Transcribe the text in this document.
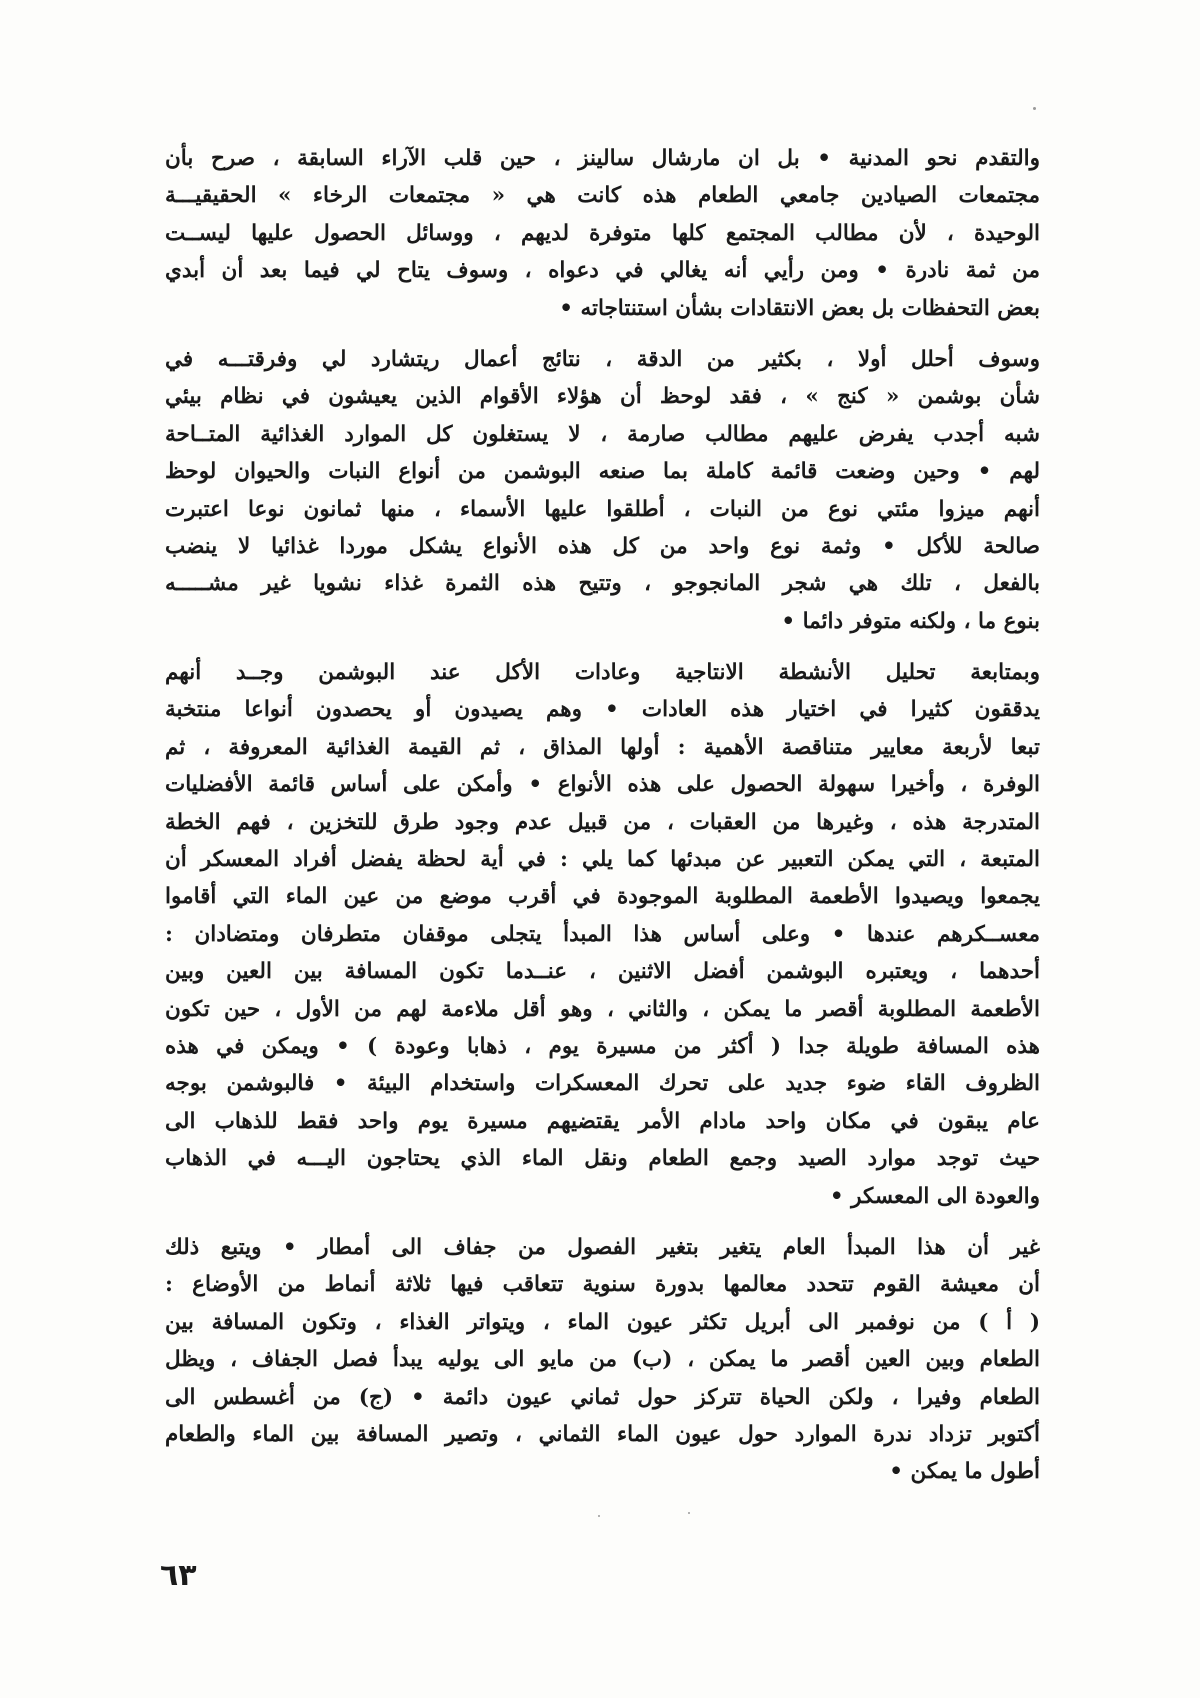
والتقدم نحو المدنية • بل ان مارشال سالينز ، حين قلب الآراء السابقة ، صرح بأن
مجتمعات الصيادين جامعي الطعام هذه كانت هي « مجتمعات الرخاء » الحقيقيـــة
الوحيدة ، لأن مطالب المجتمع كلها متوفرة لديهم ، ووسائل الحصول عليها ليســت
من ثمة نادرة • ومن رأيي أنه يغالي في دعواه ، وسوف يتاح لي فيما بعد أن أبدي
بعض التحفظات بل بعض الانتقادات بشأن استنتاجاته •
وسوف أحلل أولا ، بكثير من الدقة ، نتائج أعمال ريتشارد لي وفرقتـــه في
شأن بوشمن « كنج » ، فقد لوحظ أن هؤلاء الأقوام الذين يعيشون في نظام بيئي
شبه أجدب يفرض عليهم مطالب صارمة ، لا يستغلون كل الموارد الغذائية المتــاحة
لهم • وحين وضعت قائمة كاملة بما صنعه البوشمن من أنواع النبات والحيوان لوحظ
أنهم ميزوا مئتي نوع من النبات ، أطلقوا عليها الأسماء ، منها ثمانون نوعا اعتبرت
صالحة للأكل • وثمة نوع واحد من كل هذه الأنواع يشكل موردا غذائيا لا ينضب
بالفعل ، تلك هي شجر المانجوجو ، وتتيح هذه الثمرة غذاء نشويا غير مشـــــه
بنوع ما ، ولكنه متوفر دائما •
وبمتابعة تحليل الأنشطة الانتاجية وعادات الأكل عند البوشمن وجــد أنهم
يدققون كثيرا في اختيار هذه العادات • وهم يصيدون أو يحصدون أنواعا منتخبة
تبعا لأربعة معايير متناقصة الأهمية : أولها المذاق ، ثم القيمة الغذائية المعروفة ، ثم
الوفرة ، وأخيرا سهولة الحصول على هذه الأنواع • وأمكن على أساس قائمة الأفضليات
المتدرجة هذه ، وغيرها من العقبات ، من قبيل عدم وجود طرق للتخزين ، فهم الخطة
المتبعة ، التي يمكن التعبير عن مبدئها كما يلي : في أية لحظة يفضل أفراد المعسكر أن
يجمعوا ويصيدوا الأطعمة المطلوبة الموجودة في أقرب موضع من عين الماء التي أقاموا
معســكرهم عندها • وعلى أساس هذا المبدأ يتجلى موقفان متطرفان ومتضادان :
أحدهما ، ويعتبره البوشمن أفضل الاثنين ، عنــدما تكون المسافة بين العين وبين
الأطعمة المطلوبة أقصر ما يمكن ، والثاني ، وهو أقل ملاءمة لهم من الأول ، حين تكون
هذه المسافة طويلة جدا ( أكثر من مسيرة يوم ، ذهابا وعودة ) • ويمكن في هذه
الظروف القاء ضوء جديد على تحرك المعسكرات واستخدام البيئة • فالبوشمن بوجه
عام يبقون في مكان واحد مادام الأمر يقتضيهم مسيرة يوم واحد فقط للذهاب الى
حيث توجد موارد الصيد وجمع الطعام ونقل الماء الذي يحتاجون اليـــه في الذهاب
والعودة الى المعسكر •
غير أن هذا المبدأ العام يتغير بتغير الفصول من جفاف الى أمطار • ويتبع ذلك
أن معيشة القوم تتحدد معالمها بدورة سنوية تتعاقب فيها ثلاثة أنماط من الأوضاع :
( أ ) من نوفمبر الى أبريل تكثر عيون الماء ، ويتواتر الغذاء ، وتكون المسافة بين
الطعام وبين العين أقصر ما يمكن ، (ب) من مايو الى يوليه يبدأ فصل الجفاف ، ويظل
الطعام وفيرا ، ولكن الحياة تتركز حول ثماني عيون دائمة • (ج) من أغسطس الى
أكتوبر تزداد ندرة الموارد حول عيون الماء الثماني ، وتصير المسافة بين الماء والطعام
أطول ما يمكن •
٦٣
